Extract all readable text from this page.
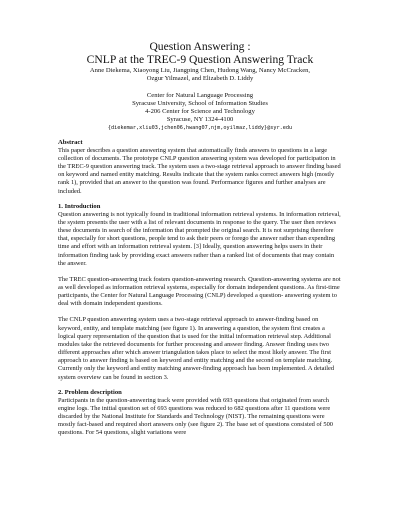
Question Answering :
CNLP at the TREC-9 Question Answering Track
Anne Diekema, Xiaoyong Liu, Jiangping Chen, Hudong Wang, Nancy McCracken,
Ozgur Yilmazel, and Elizabeth D. Liddy
Center for Natural Language Processing
Syracuse University, School of Information Studies
4-206 Center for Science and Technology
Syracuse, NY 1324-4100
{diekemar,xliu03,jchen06,hwang07,njm,oyilmaz,liddy}@syr.edu
Abstract

This paper describes a question answering system that automatically finds answers to questions in a large collection of documents. The prototype CNLP question answering system was developed for participation in the TREC-9 question answering track. The system uses a two-stage retrieval approach to answer finding based on keyword and named entity matching. Results indicate that the system ranks correct answers high (mostly rank 1), provided that an answer to the question was found. Performance figures and further analyses are included.

1. Introduction

Question answering is not typically found in traditional information retrieval systems. In information retrieval, the system presents the user with a list of relevant documents in response to the query. The user then reviews these documents in search of the information that prompted the original search. It is not surprising therefore that, especially for short questions, people tend to ask their peers or forego the answer rather than expending time and effort with an information retrieval system. [3] Ideally, question answering helps users in their information finding task by providing exact answers rather than a ranked list of documents that may contain the answer.

The TREC question-answering track fosters question-answering research. Question-answering systems are not as well developed as information retrieval systems, especially for domain independent questions. As first-time participants, the Center for Natural Language Processing (CNLP) developed a question- answering system to deal with domain independent questions.

The CNLP question answering system uses a two-stage retrieval approach to answer-finding based on keyword, entity, and template matching (see figure 1). In answering a question, the system first creates a logical query representation of the question that is used for the initial information retrieval step. Additional modules take the retrieved documents for further processing and answer finding. Answer finding uses two different approaches after which answer triangulation takes place to select the most likely answer. The first approach to answer finding is based on keyword and entity matching and the second on template matching. Currently only the keyword and entity matching answer-finding approach has been implemented. A detailed system overview can be found in section 3.

2. Problem description

Participants in the question-answering track were provided with 693 questions that originated from search engine logs. The initial question set of 693 questions was reduced to 682 questions after 11 questions were discarded by the National Institute for Standards and Technology (NIST). The remaining questions were mostly fact-based and required short answers only (see figure 2). The base set of questions consisted of 500 questions. For 54 questions, slight variations were
